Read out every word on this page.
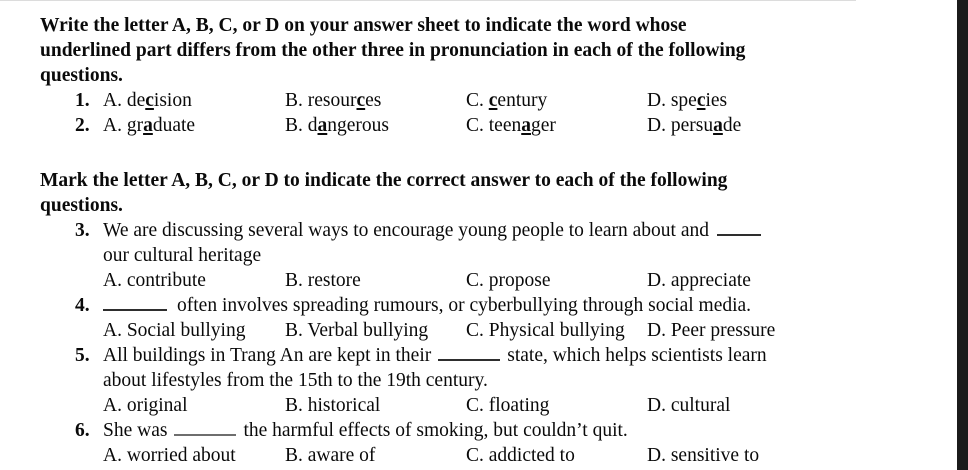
Write the letter A, B, C, or D on your answer sheet to indicate the word whose
underlined part differs from the other three in pronunciation in each of the following
questions.
1. A. decision	B. resources	C. century	D. species
2. A. graduate	B. dangerous	C. teenager	D. persuade
Mark the letter A, B, C, or D to indicate the correct answer to each of the following
questions.
3. We are discussing several ways to encourage young people to learn about and
our cultural heritage
A. contribute	B. restore	C. propose	D. appreciate
4.	often involves spreading rumours, or cyberbullying through social media.
A. Social bullying	B. Verbal bullying	C. Physical bullying	D. Peer pressure
5. All buildings in Trang An are kept in their	state, which helps scientists learn
about lifestyles from the 15th to the 19th century.
A. original	B. historical	C. floating	D. cultural
6. She was	the harmful effects of smoking, but couldn’t quit.
A. worried about	B. aware of	C. addicted to	D. sensitive to
